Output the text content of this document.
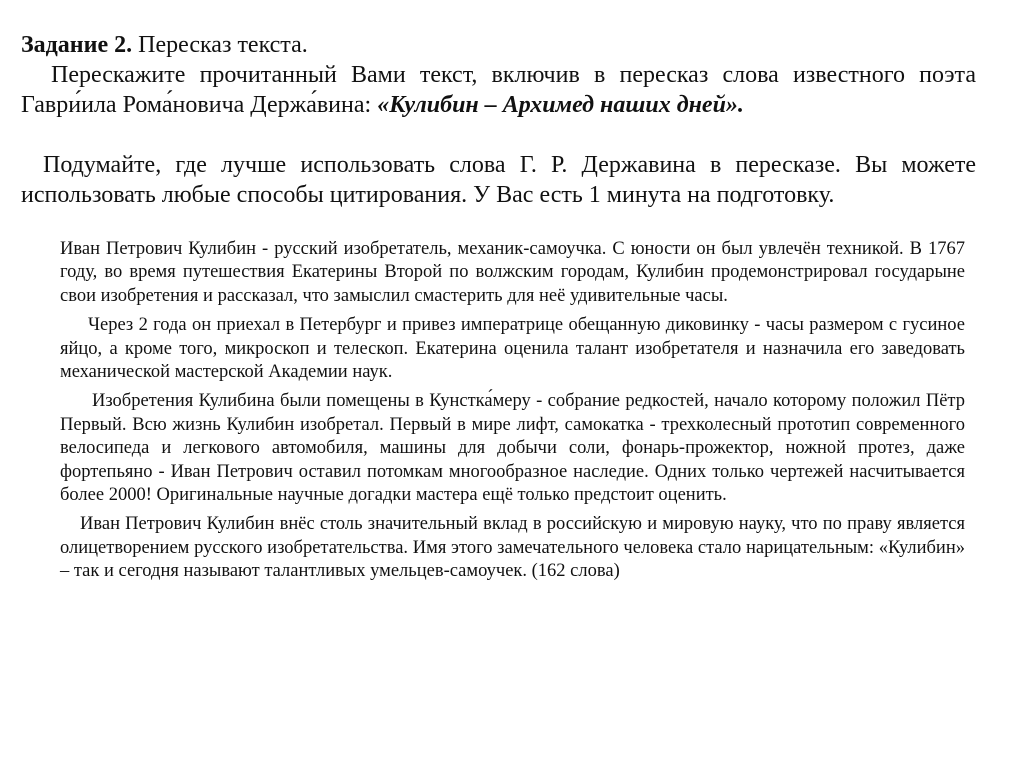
Задание 2. Пересказ текста.

Перескажите прочитанный Вами текст, включив в пересказ слова известного поэта Гаври́ила Рома́новича Держа́вина: «Кулибин – Архимед наших дней».

Подумайте, где лучше использовать слова Г. Р. Державина в пересказе. Вы можете использовать любые способы цитирования. У Вас есть 1 минута на подготовку.

Иван Петрович Кулибин - русский изобретатель, механик-самоучка. С юности он был увлечён техникой. В 1767 году, во время путешествия Екатерины Второй по волжским городам, Кулибин продемонстрировал государыне свои изобретения и рассказал, что замыслил смастерить для неё удивительные часы.

Через 2 года он приехал в Петербург и привез императрице обещанную диковинку - часы размером с гусиное яйцо, а кроме того, микроскоп и телескоп. Екатерина оценила талант изобретателя и назначила его заведовать механической мастерской Академии наук.

Изобретения Кулибина были помещены в Кунстка́меру - собрание редкостей, начало которому положил Пётр Первый. Всю жизнь Кулибин изобретал. Первый в мире лифт, самокатка - трехколесный прототип современного велосипеда и легкового автомобиля, машины для добычи соли, фонарь-прожектор, ножной протез, даже фортепьяно - Иван Петрович оставил потомкам многообразное наследие. Одних только чертежей насчитывается более 2000! Оригинальные научные догадки мастера ещё только предстоит оценить.

Иван Петрович Кулибин внёс столь значительный вклад в российскую и мировую науку, что по праву является олицетворением русского изобретательства. Имя этого замечательного человека стало нарицательным: «Кулибин» – так и сегодня называют талантливых умельцев-самоучек. (162 слова)
